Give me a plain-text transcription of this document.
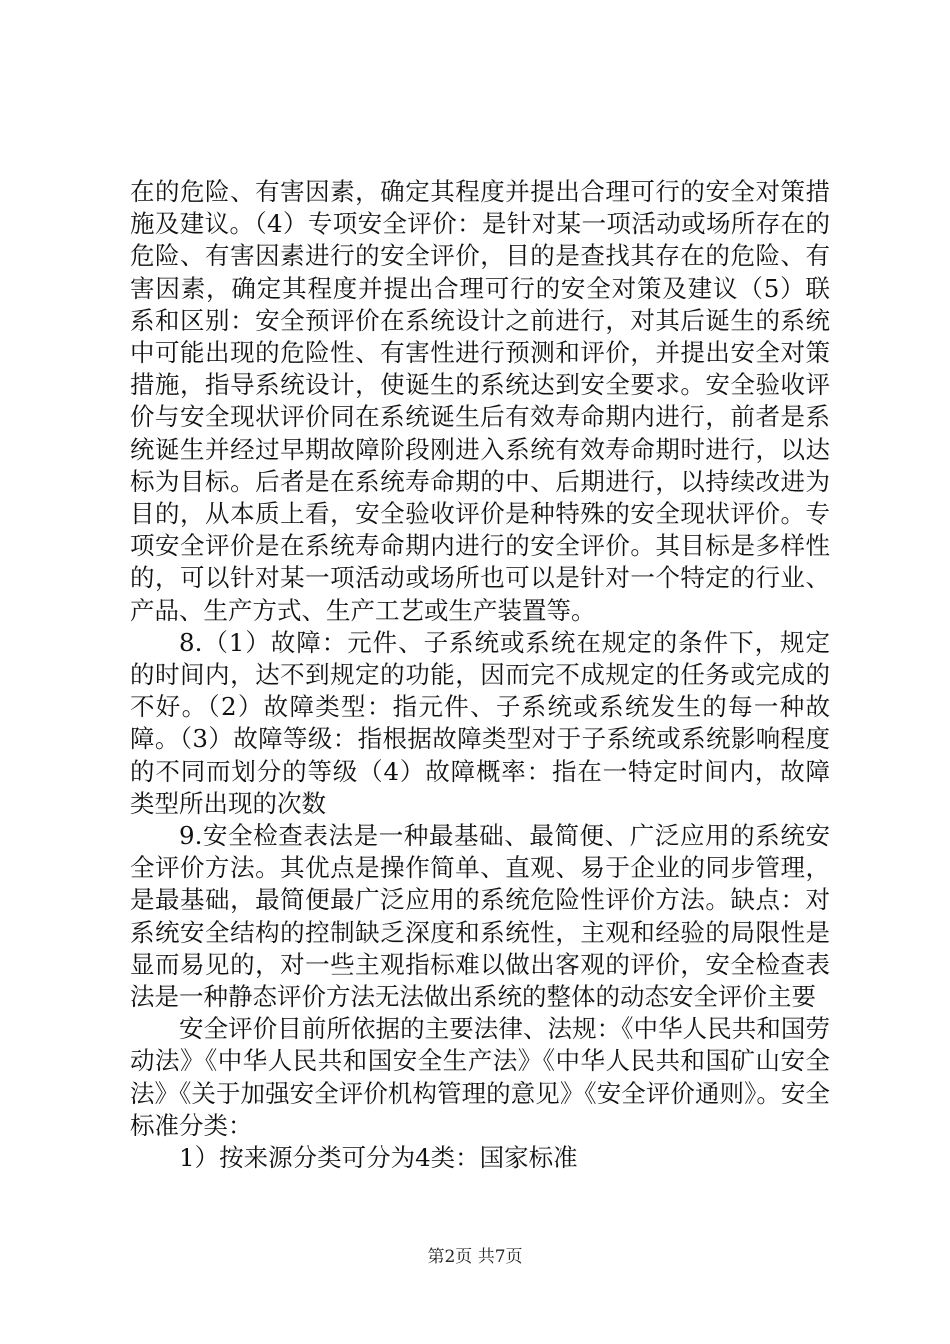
在的危险、有害因素，确定其程度并提出合理可行的安全对策措施及建议。（4）专项安全评价：是针对某一项活动或场所存在的危险、有害因素进行的安全评价，目的是查找其存在的危险、有害因素，确定其程度并提出合理可行的安全对策及建议（5）联系和区别：安全预评价在系统设计之前进行，对其后诞生的系统中可能出现的危险性、有害性进行预测和评价，并提出安全对策措施，指导系统设计，使诞生的系统达到安全要求。安全验收评价与安全现状评价同在系统诞生后有效寿命期内进行，前者是系统诞生并经过早期故障阶段刚进入系统有效寿命期时进行，以达标为目标。后者是在系统寿命期的中、后期进行，以持续改进为目的，从本质上看，安全验收评价是种特殊的安全现状评价。专项安全评价是在系统寿命期内进行的安全评价。其目标是多样性的，可以针对某一项活动或场所也可以是针对一个特定的行业、产品、生产方式、生产工艺或生产装置等。

8.（1）故障：元件、子系统或系统在规定的条件下，规定的时间内，达不到规定的功能，因而完不成规定的任务或完成的不好。（2）故障类型：指元件、子系统或系统发生的每一种故障。（3）故障等级：指根据故障类型对于子系统或系统影响程度的不同而划分的等级（4）故障概率：指在一特定时间内，故障类型所出现的次数

9.安全检查表法是一种最基础、最简便、广泛应用的系统安全评价方法。其优点是操作简单、直观、易于企业的同步管理，是最基础，最简便最广泛应用的系统危险性评价方法。缺点：对系统安全结构的控制缺乏深度和系统性，主观和经验的局限性是显而易见的，对一些主观指标难以做出客观的评价，安全检查表法是一种静态评价方法无法做出系统的整体的动态安全评价主要

安全评价目前所依据的主要法律、法规：《中华人民共和国劳动法》《中华人民共和国安全生产法》《中华人民共和国矿山安全法》《关于加强安全评价机构管理的意见》《安全评价通则》。安全标准分类：

1）按来源分类可分为4类：国家标准

第2页 共7页
